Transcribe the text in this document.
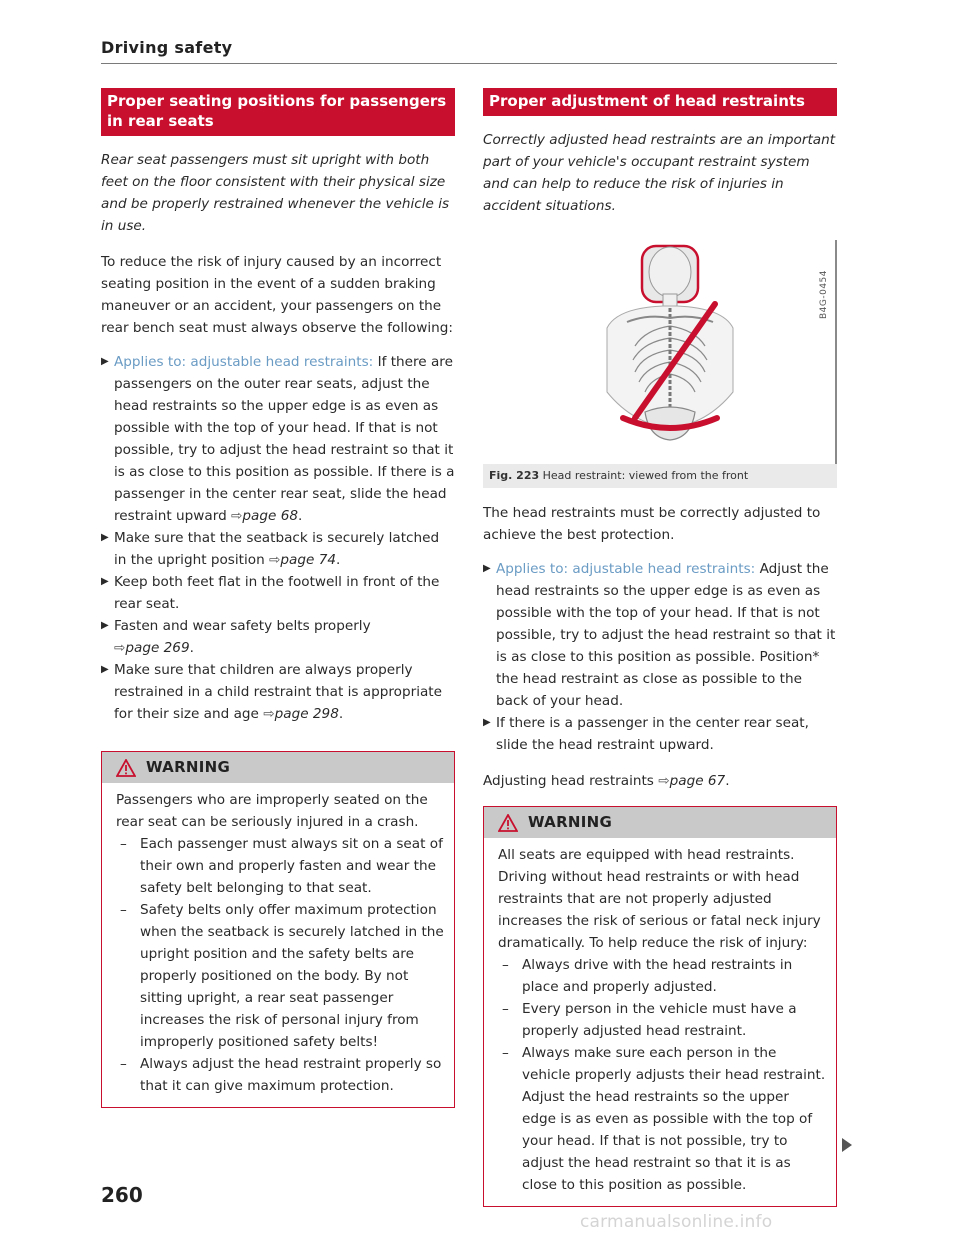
Driving safety
Proper seating positions for passengers in rear seats
Rear seat passengers must sit upright with both feet on the floor consistent with their physical size and be properly restrained whenever the vehicle is in use.

To reduce the risk of injury caused by an incorrect seating position in the event of a sudden braking maneuver or an accident, your passengers on the rear bench seat must always observe the following:

▶ Applies to: adjustable head restraints: If there are passengers on the outer rear seats, adjust the head restraints so the upper edge is as even as possible with the top of your head. If that is not possible, try to adjust the head restraint so that it is as close to this position as possible. If there is a passenger in the center rear seat, slide the head restraint upward ⇨page 68.
▶ Make sure that the seatback is securely latched in the upright position ⇨page 74.
▶ Keep both feet flat in the footwell in front of the rear seat.
▶ Fasten and wear safety belts properly
⇨page 269.
▶ Make sure that children are always properly restrained in a child restraint that is appropriate for their size and age ⇨page 298.
WARNING

Passengers who are improperly seated on the rear seat can be seriously injured in a crash.

– Each passenger must always sit on a seat of their own and properly fasten and wear the safety belt belonging to that seat.
– Safety belts only offer maximum protection when the seatback is securely latched in the upright position and the safety belts are properly positioned on the body. By not sitting upright, a rear seat passenger increases the risk of personal injury from improperly positioned safety belts!
– Always adjust the head restraint properly so that it can give maximum protection.
Proper adjustment of head restraints
Correctly adjusted head restraints are an important part of your vehicle's occupant restraint system and can help to reduce the risk of injuries in accident situations.
B4G-0454
Fig. 223 Head restraint: viewed from the front

The head restraints must be correctly adjusted to achieve the best protection.

▶ Applies to: adjustable head restraints: Adjust the head restraints so the upper edge is as even as possible with the top of your head. If that is not possible, try to adjust the head restraint so that it is as close to this position as possible. Position* the head restraint as close as possible to the back of your head.
▶ If there is a passenger in the center rear seat, slide the head restraint upward.

Adjusting head restraints ⇨page 67.

WARNING

All seats are equipped with head restraints. Driving without head restraints or with head restraints that are not properly adjusted increases the risk of serious or fatal neck injury dramatically. To help reduce the risk of injury:

– Always drive with the head restraints in place and properly adjusted.
– Every person in the vehicle must have a properly adjusted head restraint.
– Always make sure each person in the vehicle properly adjusts their head restraint. Adjust the head restraints so the upper edge is as even as possible with the top of your head. If that is not possible, try to adjust the head restraint so that it is as close to this position as possible.
260
carmanualsonline.info
